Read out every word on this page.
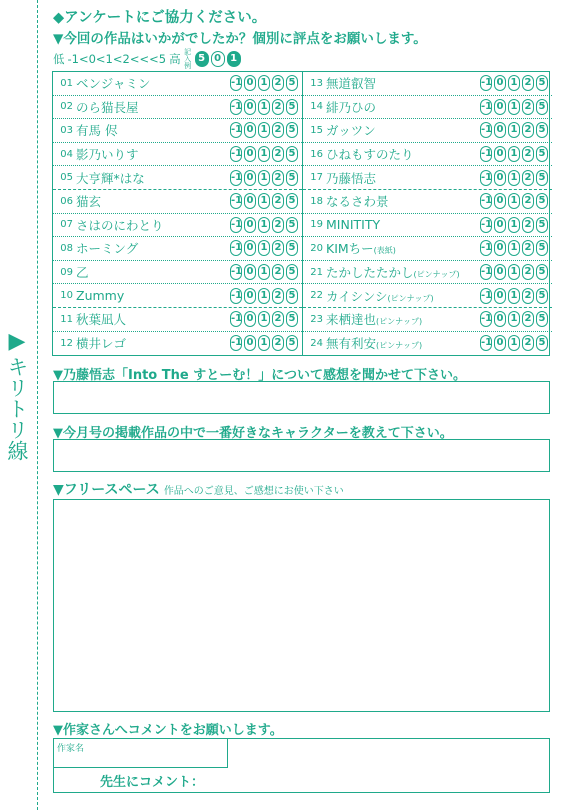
▶
キリトリ線
◆アンケートにご協力ください。
▼今回の作品はいかがでしたか？個別に評点をお願いします。
低 -1<0<1<2<<<5 高 記入例 5 0 1
01 ベンジャミン	-1 0 1 2 5
02 のら猫長屋	-1 0 1 2 5
03 有馬 侭	-1 0 1 2 5
04 影乃いりす	-1 0 1 2 5
05 大亨輝*はな	-1 0 1 2 5
06 猫玄	-1 0 1 2 5
07 さはのにわとり	-1 0 1 2 5
08 ホーミング	-1 0 1 2 5
09 乙	-1 0 1 2 5
10 Zummy	-1 0 1 2 5
11 秋葉凪人	-1 0 1 2 5
12 横井レゴ	-1 0 1 2 5
13 無道叡智	-1 0 1 2 5
14 緋乃ひの	-1 0 1 2 5
15 ガッツン	-1 0 1 2 5
16 ひねもすのたり	-1 0 1 2 5
17 乃藤悟志	-1 0 1 2 5
18 なるさわ景	-1 0 1 2 5
19 MINITITY	-1 0 1 2 5
20 KIMちー(表紙)	-1 0 1 2 5
21 たかしたたかし(ピンナップ)	-1 0 1 2 5
22 カイシンシ(ピンナップ)	-1 0 1 2 5
23 来栖達也(ピンナップ)	-1 0 1 2 5
24 無有利安(ピンナップ)	-1 0 1 2 5
▼乃藤悟志「Into The すとーむ！」について感想を聞かせて下さい。
▼今月号の掲載作品の中で一番好きなキャラクターを教えて下さい。
▼フリースペース 作品へのご意見、ご感想にお使い下さい
▼作家さんへコメントをお願いします。
作家名
先生にコメント：
